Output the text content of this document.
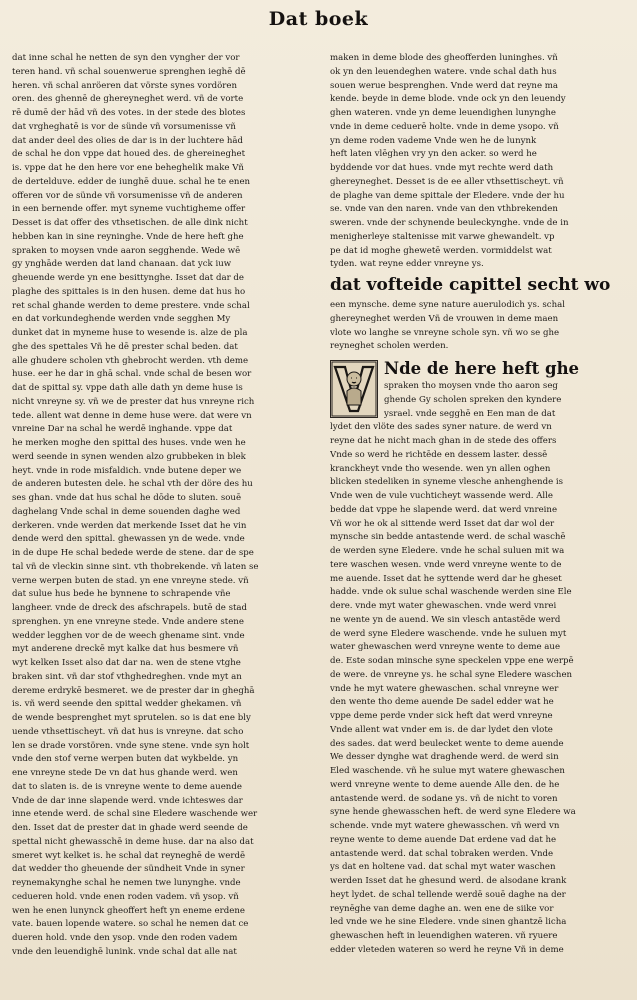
Dat boek
dat inne schal he netten de syn den vyngher der vor
teren hand. vñ schal souenwerue sprenghen ieghē dē
heren. vñ schal anröeren dat vörste synes vordören
oren. des ghennē de ghereyneghet werd. vñ de vorte
rē dumē der hād vñ des votes. in der stede des blotes
dat vrgheghatē is vor de sünde vñ vorsumenisse vñ
dat ander deel des olies de dar is in der luchtere hād
de schal he don vppe dat houed des. de ghereineghet
is. vppe dat he den here vor ene beheghelik make Vñ
de dertelduve. edder de iunghē duue. schal he te enen
offeren vor de sünde vñ vorsumenisse vñ de anderen
in een bernende offer. myt syneme vuchtigheme offer
Desset is dat offer des vthsetischen. de alle dink nicht
hebben kan in sine reyninghe. Vnde de here heft ghe
spraken to moysen vnde aaron segghende. Wede wē
gy ynghāde werden dat land chanaan. dat yck iuw
gheuende werde yn ene besittynghe. Isset dat dar de
plaghe des spittales is in den husen. deme dat hus ho
ret schal ghande werden to deme prestere. vnde schal
en dat vorkundeghende werden vnde segghen My
dunket dat in myneme huse to wesende is. alze de pla
ghe des spettales Vñ he dē prester schal beden. dat
alle ghudere scholen vth ghebrocht werden. vth deme
huse. eer he dar in ghā schal. vnde schal de besen wor
dat de spittal sy. vppe dath alle dath yn deme huse is
nicht vnreyne sy. vñ we de prester dat hus vnreyne rich
tede. allent wat denne in deme huse were. dat were vn
vnreine Dar na schal he werdē inghande. vppe dat
he merken moghe den spittal des huses. vnde wen he
werd seende in synen wenden alzo grubbeken in blek
heyt. vnde in rode misfaldich. vnde butene deper we
de anderen butesten dele. he schal vth der döre des hu
ses ghan. vnde dat hus schal he dōde to sluten. souē
daghelang Vnde schal in deme souenden daghe wed
derkeren. vnde werden dat merkende Isset dat he vin
dende werd den spittal. ghewassen yn de wede. vnde
in de dupe He schal bedede werde de stene. dar de spe
tal vñ de vleckin sinne sint. vth thobrekende. vñ laten se
verne werpen buten de stad. yn ene vnreyne stede. vñ
dat sulue hus bede he bynnene to schrapende vñe
langheer. vnde de dreck des afschrapels. butē de stad
sprenghen. yn ene vnreyne stede. Vnde andere stene
wedder legghen vor de de weech ghename sint. vnde
myt anderene dreckē myt kalke dat hus besmere vñ
wyt kelken Isset also dat dar na. wen de stene vtghe
braken sint. vñ dar stof vthghedreghen. vnde myt an
dereme erdrykē besmeret. we de prester dar in gheghā
is. vñ werd seende den spittal wedder ghekamen. vñ
de wende besprenghet myt sprutelen. so is dat ene bly
uende vthsettischeyt. vñ dat hus is vnreyne. dat scho
len se drade vorstören. vnde syne stene. vnde syn holt
vnde den stof verne werpen buten dat wykbelde. yn
ene vnreyne stede De vn dat hus ghande werd. wen
dat to slaten is. de is vnreyne wente to deme auende
Vnde de dar inne slapende werd. vnde ichteswes dar
inne etende werd. de schal sine Eledere waschende wer
den. Isset dat de prester dat in ghade werd seende de
spettal nicht ghewasschē in deme huse. dar na also dat
smeret wyt kelket is. he schal dat reyneghē de werdē
dat wedder tho gheuende der sündheit Vnde in syner
reynemakynghe schal he nemen twe lunynghe. vnde
cedueren hold. vnde enen roden vadem. vñ ysop. vñ
wen he enen lunynck gheoffert heft yn eneme erdene
vate. bauen lopende watere. so schal he nemen dat ce
dueren hold. vnde den ysop. vnde den roden vadem
vnde den leuendighē lunink. vnde schal dat alle nat
maken in deme blode des gheofferden luninghes. vñ
ok yn den leuendeghen watere. vnde schal dath hus
souen werue besprenghen. Vnde werd dat reyne ma
kende. beyde in deme blode. vnde ock yn den leuendy
ghen wateren. vnde yn deme leuendighen lunynghe
vnde in deme ceduerē holte. vnde in deme ysopo. vñ
yn deme roden vademe Vnde wen he de lunynk
heft laten vlēghen vry yn den acker. so werd he
byddende vor dat hues. vnde myt rechte werd dath
ghereyneghet. Desset is de ee aller vthsettischeyt. vñ
de plaghe van deme spittale der Eledere. vnde der hu
se. vnde van den naren. vnde van den vthbrekenden
sweren. vnde der schynende beuleckynghe. vnde de in
menigherleye staltenisse mit varwe ghewandelt. vp
pe dat id moghe ghewetē werden. vormiddelst wat
tyden. wat reyne edder vnreyne ys.
dat vofteide capittel secht wo
een mynsche. deme syne nature auerulodich ys. schal
ghereyneghet werden Vñ de vrouwen in deme maen
vlote wo langhe se vnreyne schole syn. vñ wo se ghe
reyneghet scholen werden.
Nde de here heft ghe
spraken tho moysen vnde tho aaron seg
ghende Gy scholen spreken den kyndere
ysrael. vnde segghē en Een man de dat
lydet den vlöte des sades syner nature. de werd vn
reyne dat he nicht mach ghan in de stede des offers
Vnde so werd he richtēde en dessem laster. dessē
kranckheyt vnde tho wesende. wen yn allen oghen
blicken stedeliken in syneme vlesche anhenghende is
Vnde wen de vule vuchticheyt wassende werd. Alle
bedde dat vppe he slapende werd. dat werd vnreine
Vñ wor he ok al sittende werd Isset dat dar wol der
mynsche sin bedde antastende werd. de schal waschē
de werden syne Eledere. vnde he schal suluen mit wa
tere waschen wesen. vnde werd vnreyne wente to de
me auende. Isset dat he syttende werd dar he gheset
hadde. vnde ok sulue schal waschende werden sine Ele
dere. vnde myt water ghewaschen. vnde werd vnrei
ne wente yn de auend. We sin vlesch antastēde werd
de werd syne Eledere waschende. vnde he suluen myt
water ghewaschen werd vnreyne wente to deme aue
de. Este sodan minsche syne speckelen vppe ene werpē
de were. de vnreyne ys. he schal syne Eledere waschen
vnde he myt watere ghewaschen. schal vnreyne wer
den wente tho deme auende De sadel edder wat he
vppe deme perde vnder sick heft dat werd vnreyne
Vnde allent wat vnder em is. de dar lydet den vlote
des sades. dat werd beulecket wente to deme auende
We desser dynghe wat draghende werd. de werd sin
Eled waschende. vñ he sulue myt watere ghewaschen
werd vnreyne wente to deme auende Alle den. de he
antastende werd. de sodane ys. vñ de nicht to voren
syne hende ghewasschen heft. de werd syne Eledere wa
schende. vnde myt watere ghewasschen. vñ werd vn
reyne wente to deme auende Dat erdene vad dat he
antastende werd. dat schal tobraken werden. Vnde
ys dat en holtene vad. dat schal myt water waschen
werden Isset dat he ghesund werd. de alsodane krank
heyt lydet. de schal tellende werdē souē daghe na der
reynēghe van deme daghe an. wen ene de siike vor
led vnde we he sine Eledere. vnde sinen ghantzē licha
ghewaschen heft in leuendighen wateren. vñ ryuere
edder vleteden wateren so werd he reyne Vñ in deme
